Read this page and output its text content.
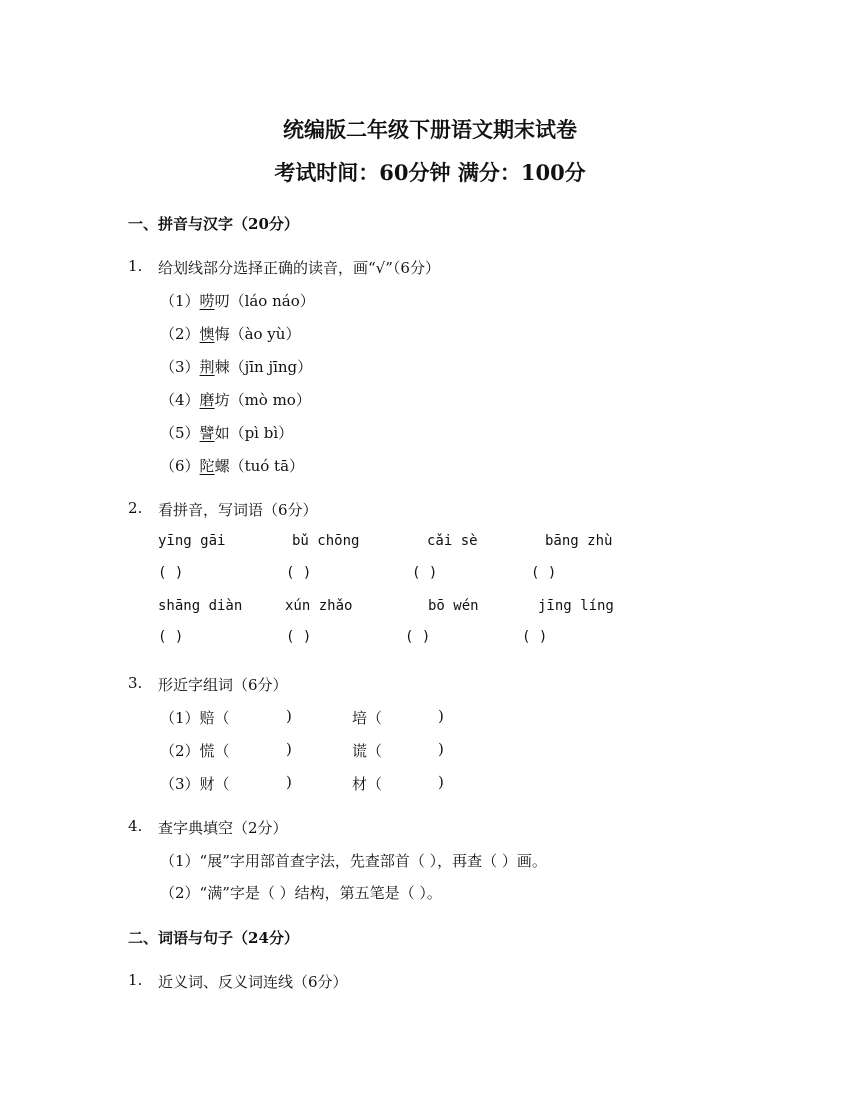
统编版二年级下册语文期末试卷
考试时间：60分钟 满分：100分
一、拼音与汉字（20分）
1. 给划线部分选择正确的读音，画“√”（6分）
（1）唠叨（láo náo）
（2）懊悔（ào yù）
（3）荆棘（jīn jīng）
（4）磨坊（mò mo）
（5）譬如（pì bì）
（6）陀螺（tuó tā）
2. 看拼音，写词语（6分）
yīng gāi	bǔ chōng	cǎi sè	bāng zhù
( )	( )	( )	( )
shāng diàn	xún zhǎo	bō wén	jīng líng
( )	( )	( )	( )
3. 形近字组词（6分）
（1）赔（	)	培（	)
（2）慌（	)	谎（	)
（3）财（	)	材（	)
4. 查字典填空（2分）
（1）“展”字用部首查字法，先查部首（ ），再查（ ）画。
（2）“满”字是（ ）结构，第五笔是（ ）。
二、词语与句子（24分）
1. 近义词、反义词连线（6分）
